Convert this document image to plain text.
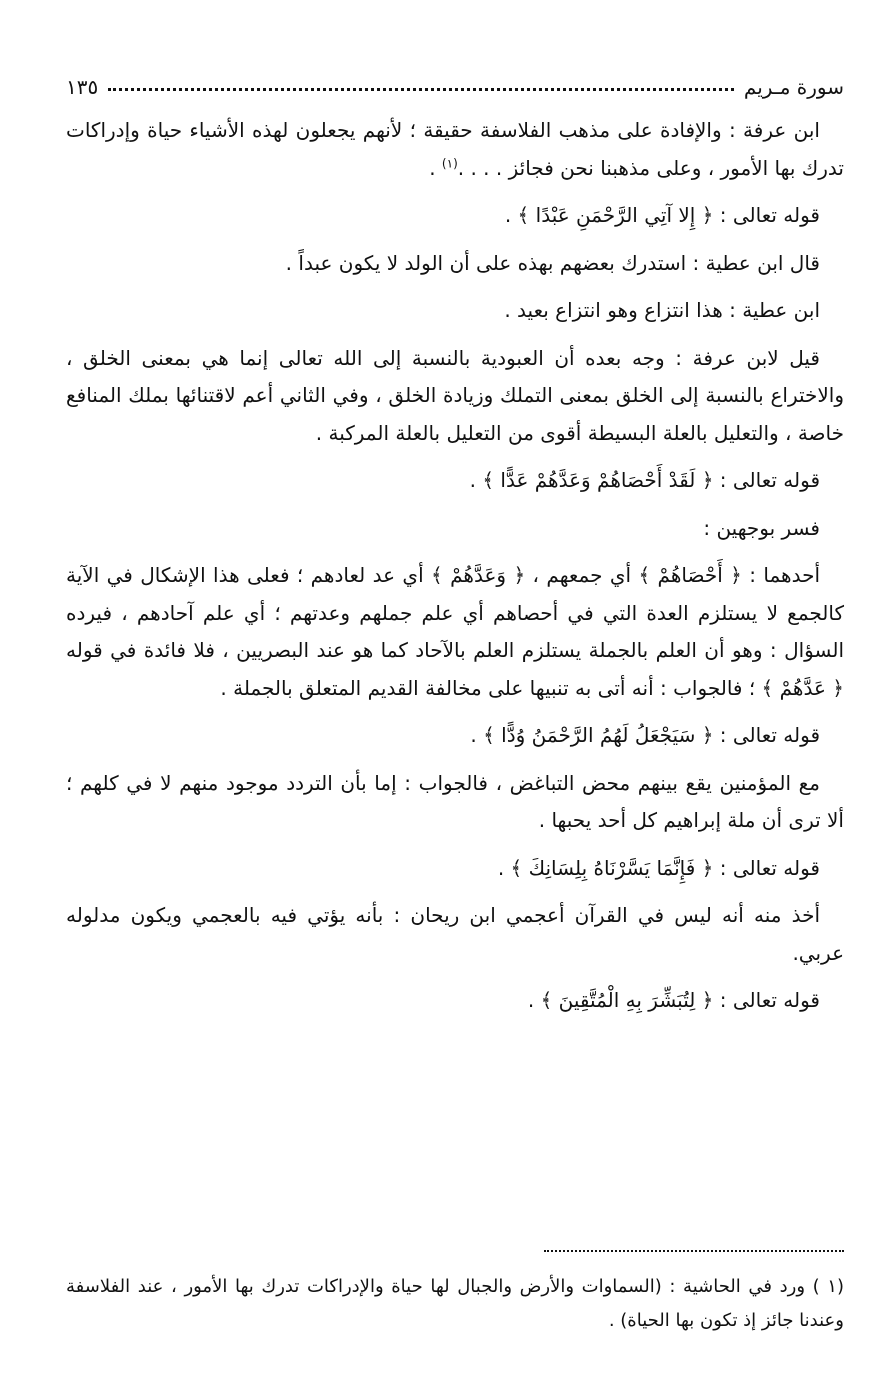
سورة مـريم
١٣٥

ابن عرفة : والإفادة على مذهب الفلاسفة حقيقة ؛ لأنهم يجعلون لهذه الأشياء حياة وإدراكات تدرك بها الأمور ، وعلى مذهبنا نحن فجائز . . . .$^{(١)}$ .

قوله تعالى : ﴿ إِلا آتِي الرَّحْمَنِ عَبْدًا ﴾ .

قال ابن عطية : استدرك بعضهم بهذه على أن الولد لا يكون عبداً .

ابن عطية : هذا انتزاع وهو انتزاع بعيد .

قيل لابن عرفة : وجه بعده أن العبودية بالنسبة إلى الله تعالى إنما هي بمعنى الخلق ، والاختراع بالنسبة إلى الخلق بمعنى التملك وزيادة الخلق ، وفي الثاني أعم لاقتنائها بملك المنافع خاصة ، والتعليل بالعلة البسيطة أقوى من التعليل بالعلة المركبة .

قوله تعالى : ﴿ لَقَدْ أَحْصَاهُمْ وَعَدَّهُمْ عَدًّا ﴾ .

فسر بوجهين :

أحدهما : ﴿ أَحْصَاهُمْ ﴾ أي جمعهم ، ﴿ وَعَدَّهُمْ ﴾ أي عد لعادهم ؛ فعلى هذا الإشكال في الآية كالجمع لا يستلزم العدة التي في أحصاهم أي علم جملهم وعدتهم ؛ أي علم آحادهم ، فيرده السؤال : وهو أن العلم بالجملة يستلزم العلم بالآحاد كما هو عند البصريين ، فلا فائدة في قوله ﴿ عَدَّهُمْ ﴾ ؛ فالجواب : أنه أتى به تنبيها على مخالفة القديم المتعلق بالجملة .

قوله تعالى : ﴿ سَيَجْعَلُ لَهُمُ الرَّحْمَنُ وُدًّا ﴾ .

مع المؤمنين يقع بينهم محض التباغض ، فالجواب : إما بأن التردد موجود منهم لا في كلهم ؛ ألا ترى أن ملة إبراهيم كل أحد يحبها .

قوله تعالى : ﴿ فَإِنَّمَا يَسَّرْنَاهُ بِلِسَانِكَ ﴾ .

أخذ منه أنه ليس في القرآن أعجمي ابن ريحان : بأنه يؤتي فيه بالعجمي ويكون مدلوله عربي.

قوله تعالى : ﴿ لِتُبَشِّرَ بِهِ الْمُتَّقِينَ ﴾ .

(١ ) ورد في الحاشية : (السماوات والأرض والجبال لها حياة والإدراكات تدرك بها الأمور ، عند الفلاسفة وعندنا جائز إذ تكون بها الحياة) .
